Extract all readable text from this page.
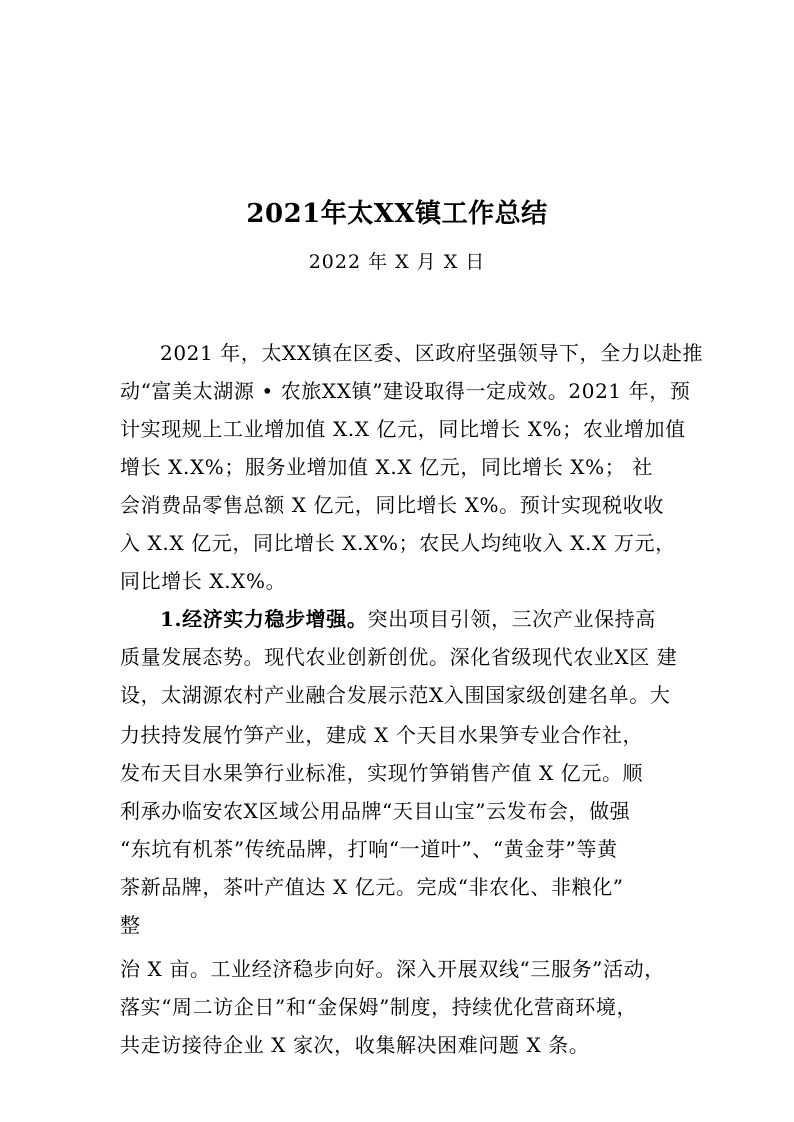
2021年太XX镇工作总结
2022 年 X 月 X 日
2021 年，太XX镇在区委、区政府坚强领导下，全力以赴推
动“富美太湖源 • 农旅XX镇”建设取得一定成效。2021 年，预
计实现规上工业增加值 X.X 亿元，同比增长 X%；农业增加值
增长 X.X%；服务业增加值 X.X 亿元，同比增长 X%； 社
会消费品零售总额 X 亿元，同比增长 X%。预计实现税收收
入 X.X 亿元，同比增长 X.X%；农民人均纯收入 X.X 万元，
同比增长 X.X%。
1.经济实力稳步增强。突出项目引领，三次产业保持高
质量发展态势。现代农业创新创优。深化省级现代农业X区 建
设，太湖源农村产业融合发展示范X入围国家级创建名单。大
力扶持发展竹笋产业，建成 X 个天目水果笋专业合作社，
发布天目水果笋行业标准，实现竹笋销售产值 X 亿元。顺
利承办临安农X区域公用品牌“天目山宝”云发布会，做强
“东坑有机茶”传统品牌，打响“一道叶”、“黄金芽”等黄
茶新品牌，茶叶产值达 X 亿元。完成“非农化、非粮化”
整
治 X 亩。工业经济稳步向好。深入开展双线“三服务”活动，
落实“周二访企日”和“金保姆”制度，持续优化营商环境，
共走访接待企业 X 家次，收集解决困难问题 X 条。
